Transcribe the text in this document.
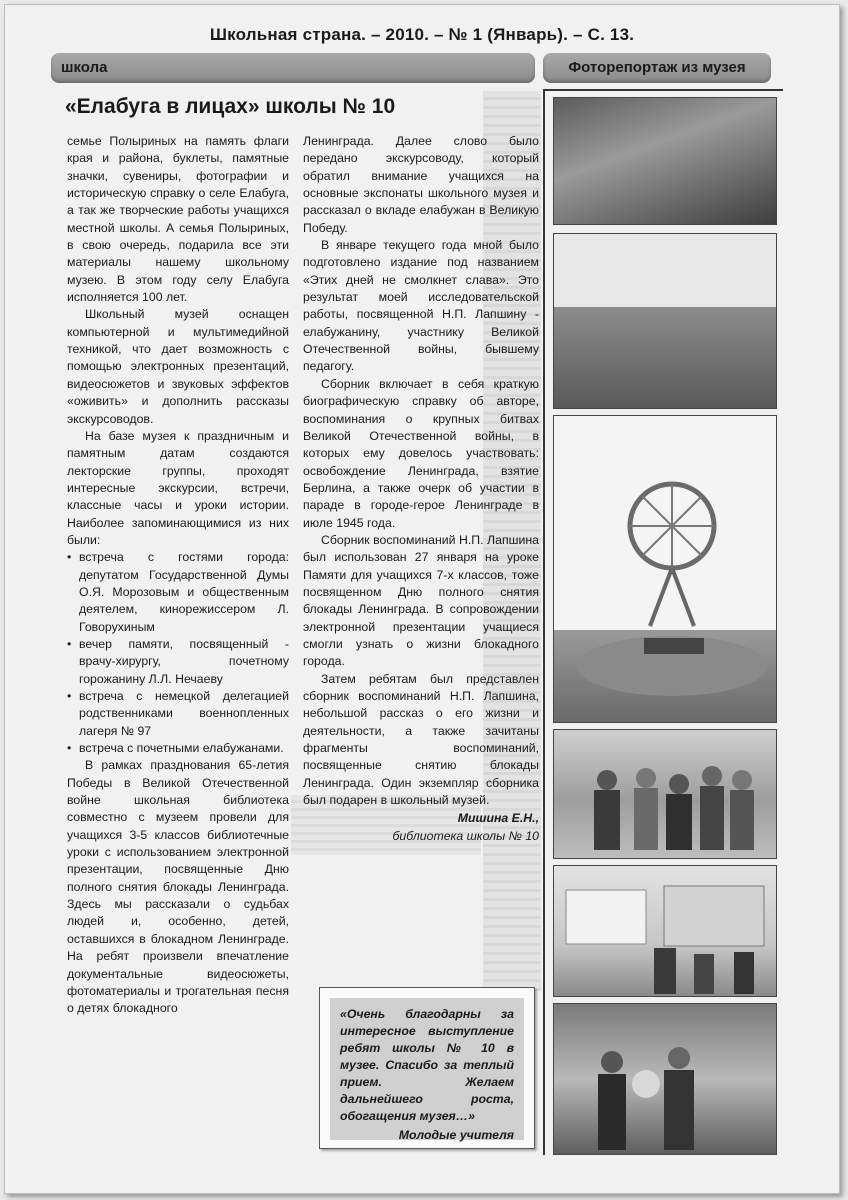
Школьная страна. – 2010. – № 1 (Январь). – С. 13.
школа	Фоторепортаж из музея
«Елабуга в лицах» школы № 10

семье Полыриных на память флаги края и района, буклеты, памятные значки, сувениры, фотографии и историческую справку о селе Елабуга, а так же творческие работы учащихся местной школы. А семья Полыриных, в свою очередь, подарила все эти материалы нашему школьному музею. В этом году селу Елабуга исполняется 100 лет.

Школьный музей оснащен компьютерной и мультимедийной техникой, что дает возможность с помощью электронных презентаций, видеосюжетов и звуковых эффектов «оживить» и дополнить рассказы экскурсоводов.

На базе музея к праздничным и памятным датам создаются лекторские группы, проходят интересные экскурсии, встречи, классные часы и уроки истории. Наиболее запоминающимися из них были:

• встреча с гостями города: депутатом Государственной Думы О.Я. Морозовым и общественным деятелем, кинорежиссером Л. Говорухиным
• вечер памяти, посвященный - врачу-хирургу, почетному горожанину Л.Л. Нечаеву
• встреча с немецкой делегацией родственниками военнопленных лагеря № 97
• встреча с почетными елабужанами.

В рамках празднования 65-летия Победы в Великой Отечественной войне школьная библиотека совместно с музеем провели для учащихся 3-5 классов библиотечные уроки с использованием электронной презентации, посвященные Дню полного снятия блокады Ленинграда. Здесь мы рассказали о судьбах людей и, особенно, детей, оставшихся в блокадном Ленинграде. На ребят произвели впечатление документальные видеосюжеты, фотоматериалы и трогательная песня о детях блокадного

Ленинграда. Далее слово было передано экскурсоводу, который обратил внимание учащихся на основные экспонаты школьного музея и рассказал о вкладе елабужан в Великую Победу.

В январе текущего года мной было подготовлено издание под названием «Этих дней не смолкнет слава». Это результат моей исследовательской работы, посвященной Н.П. Лапшину - елабужанину, участнику Великой Отечественной войны, бывшему педагогу.

Сборник включает в себя краткую биографическую справку об авторе, воспоминания о крупных битвах Великой Отечественной войны, в которых ему довелось участвовать: освобождение Ленинграда, взятие Берлина, а также очерк об участии в параде в городе-герое Ленинграде в июле 1945 года.

Сборник воспоминаний Н.П. Лапшина был использован 27 января на уроке Памяти для учащихся 7-х классов, тоже посвященном Дню полного снятия блокады Ленинграда. В сопровождении электронной презентации учащиеся смогли узнать о жизни блокадного города.

Затем ребятам был представлен сборник воспоминаний Н.П. Лапшина, небольшой рассказ о его жизни и деятельности, а также зачитаны фрагменты воспоминаний, посвященные снятию блокады Ленинграда. Один экземпляр сборника был подарен в школьный музей.

Мишина Е.Н.,
библиотека школы № 10
«Очень благодарны за интересное выступление ребят школы № 10 в музее. Спасибо за теплый прием. Желаем дальнейшего роста, обогащения музея…»
Молодые учителя
